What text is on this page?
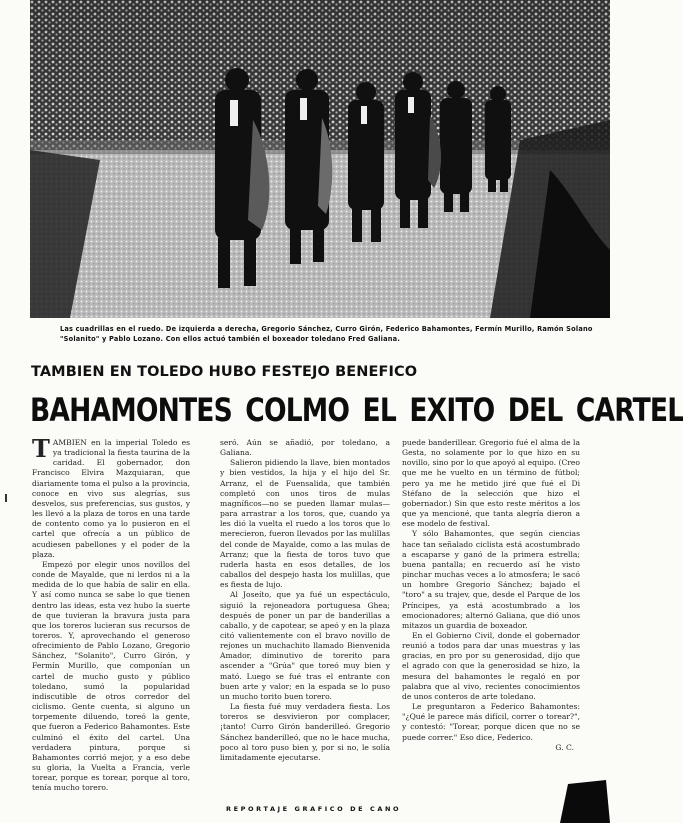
Las cuadrillas en el ruedo. De izquierda a derecha, Gregorio Sánchez, Curro Girón, Federico Bahamontes, Fermín Murillo, Ramón Solano "Solanito" y Pablo Lozano. Con ellos actuó también el boxeador toledano Fred Galiana.
TAMBIEN EN TOLEDO HUBO FESTEJO BENEFICO
BAHAMONTES COLMO EL EXITO DEL CARTEL
T AMBIEN en la imperial Toledo es ya tradicional la fiesta taurina de la caridad. El gobernador, don Francisco Elvira Mazquiaran, que diariamente toma el pulso a la provincia, conoce en vivo sus alegrías, sus desvelos, sus preferencias, sus gustos, y les llevó a la plaza de toros en una tarde de contento como ya lo pusieron en el cartel que ofrecía a un público de acudiesen pabellones y el poder de la plaza.

Empezó por elegir unos novillos del conde de Mayalde, que ni lerdos ni a la medida de lo que había de salir en ella. Y así como nunca se sabe lo que tienen dentro las ideas, esta vez hubo la suerte de que tuvieran la bravura justa para que los toreros lucieran sus recursos de toreros. Y, aprovechando el generoso ofrecimiento de Pablo Lozano, Gregorio Sánchez, "Solanito", Curro Girón, y Fermín Murillo, que componían un cartel de mucho gusto y público toledano, sumó la popularidad indiscutible de otros corredor del ciclismo. Gente cuenta, si alguno un torpemente diluendo, toreó la gente, que fueron a Federico Bahamontes. Este culminó el éxito del cartel. Una verdadera pintura, porque si Bahamontes corrió mejor, y a eso debe su gloria, la Vuelta a Francia, verle torear, porque es torear, porque al toro, tenía mucho torero.

seró. Aún se añadió, por toledano, a Galiana.

Salieron pidiendo la llave, bien montados y bien vestidos, la hija y el hijo del Sr. Arranz, el de Fuensalida, que también completó con unos tiros de mulas magníficos—no se pueden llamar mulas—para arrastrar a los toros, que, cuando ya les dió la vuelta el ruedo a los toros que lo merecieron, fueron llevados por las mulillas del conde de Mayalde, como a las mulas de Arranz; que la fiesta de toros tuvo que ruderla hasta en esos detalles, de los caballos del despejo hasta los mulillas, que es fiesta de lujo.

Al Joseíto, que ya fué un espectáculo, siguió la rejoneadora portuguesa Ghea; después de poner un par de banderillas a caballo, y de capotear, se apeó y en la plaza citó valientemente con el bravo novillo de rejones un muchachito llamado Bienvenida Amador, diminutivo de torerito para ascender a "Grúa" que toreó muy bien y mató. Luego se fué tras el entrante con buen arte y valor; en la espada se lo puso un mucho torito buen torero.

La fiesta fué muy verdadera fiesta. Los toreros se desvivieron por complacer, ¡tanto! Curro Girón banderilleó. Gregorio Sánchez banderilleó, que no le hace mucha, poco al toro puso bien y, por si no, le solía limitadamente ejecutarse.

puede banderillear. Gregorio fué el alma de la Gesta, no solamente por lo que hizo en su novillo, sino por lo que apoyó al equipo. (Creo que me he vuelto en un término de fútbol; pero ya me he metido jiré que fué el Di Stéfano de la selección que hizo el gobernador.) Sin que esto reste méritos a los que ya mencioné, que tanta alegría dieron a ese modelo de festival.

Y sólo Bahamontes, que según ciencias hace tan señalado ciclista está acostumbrado a escaparse y ganó de la primera estrella; buena pantalla; en recuerdo así he visto pinchar muchas veces a lo atmosfera; le sacó un hombre Gregorio Sánchez; bajado el "toro" a su trajev, que, desde el Parque de los Príncipes, ya está acostumbrado a los emocionadores; alternó Galiana, que dió unos mitazos un guardia de boxeador.

En el Gobierno Civil, donde el gobernador reunió a todos para dar unas muestras y las gracias, en pro por su generosidad, dijo que el agrado con que la generosidad se hizo, la mesura del bahamontes le regaló en por palabra que al vivo, recientes conocimientos de unos conteros de arte toledano.

Le preguntaron a Federico Bahamontes: "¿Qué le parece más difícil, correr o torear?", y contestó: "Torear, porque dicen que no se puede correr." Eso dice, Federico.

G. C.

REPORTAJE GRAFICO DE CANO
